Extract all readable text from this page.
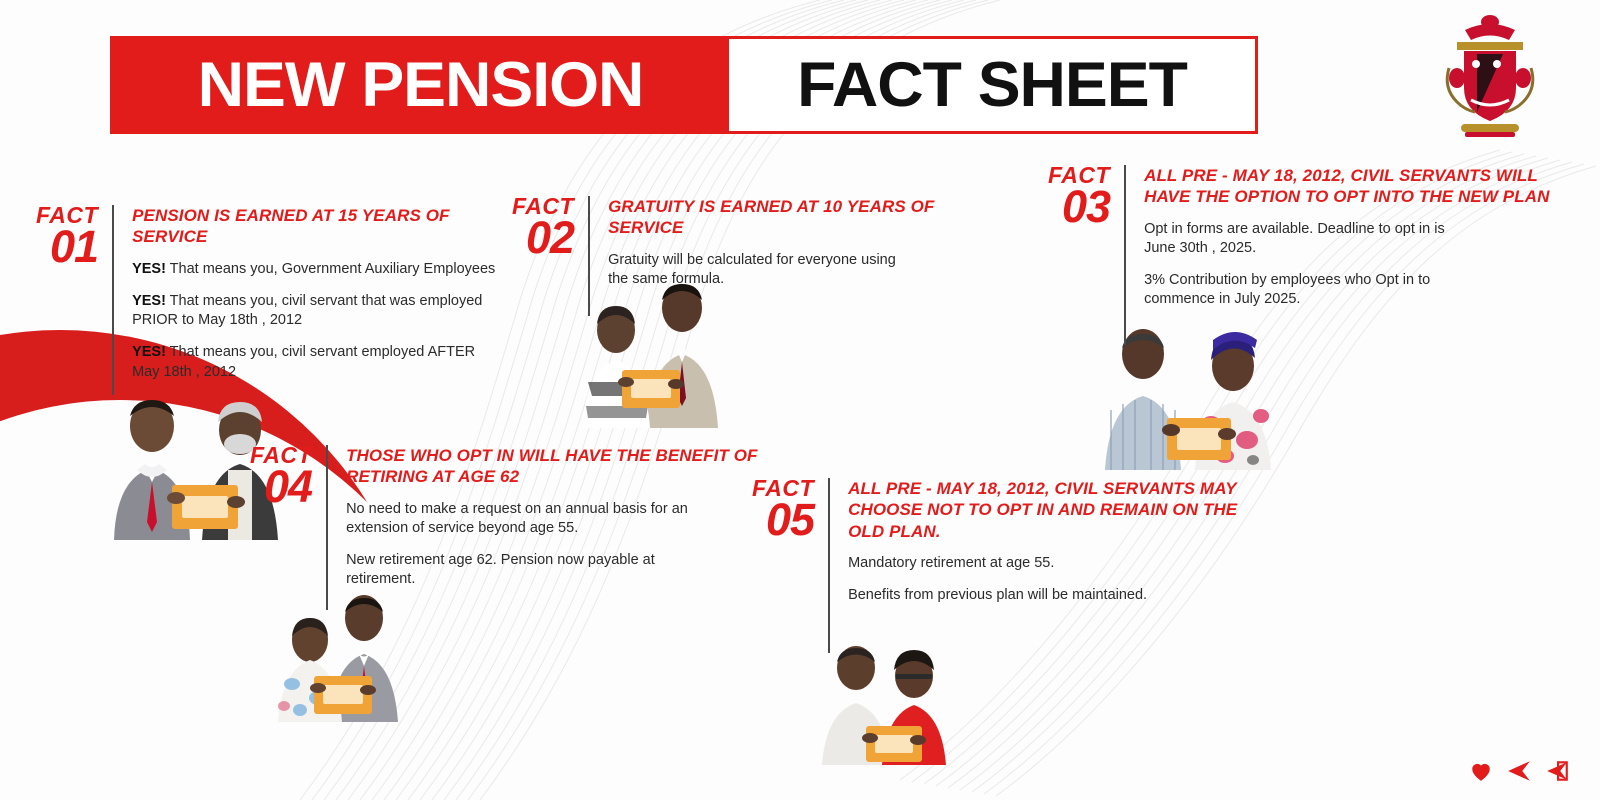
NEW PENSION FACT SHEET
FACT
01
PENSION IS EARNED AT 15 YEARS OF SERVICE

YES! That means you, Government Auxiliary Employees

YES! That means you, civil servant that was employed PRIOR to May 18th , 2012

YES! That means you, civil servant employed AFTER May 18th , 2012

FACT
02
GRATUITY IS EARNED AT 10 YEARS OF SERVICE

Gratuity will be calculated for everyone using the same formula.

FACT
03
ALL PRE - MAY 18, 2012, CIVIL SERVANTS WILL HAVE THE OPTION TO OPT INTO THE NEW PLAN

Opt in forms are available. Deadline to opt in is June 30th , 2025.

3% Contribution by employees who Opt in to commence in July 2025.

FACT
04
THOSE WHO OPT IN WILL HAVE THE BENEFIT OF RETIRING AT AGE 62

No need to make a request on an annual basis for an extension of service beyond age 55.

New retirement age 62. Pension now payable at retirement.

FACT
05
ALL PRE - MAY 18, 2012, CIVIL SERVANTS MAY CHOOSE NOT TO OPT IN AND REMAIN ON THE OLD PLAN.

Mandatory retirement at age 55.

Benefits from previous plan will be maintained.
